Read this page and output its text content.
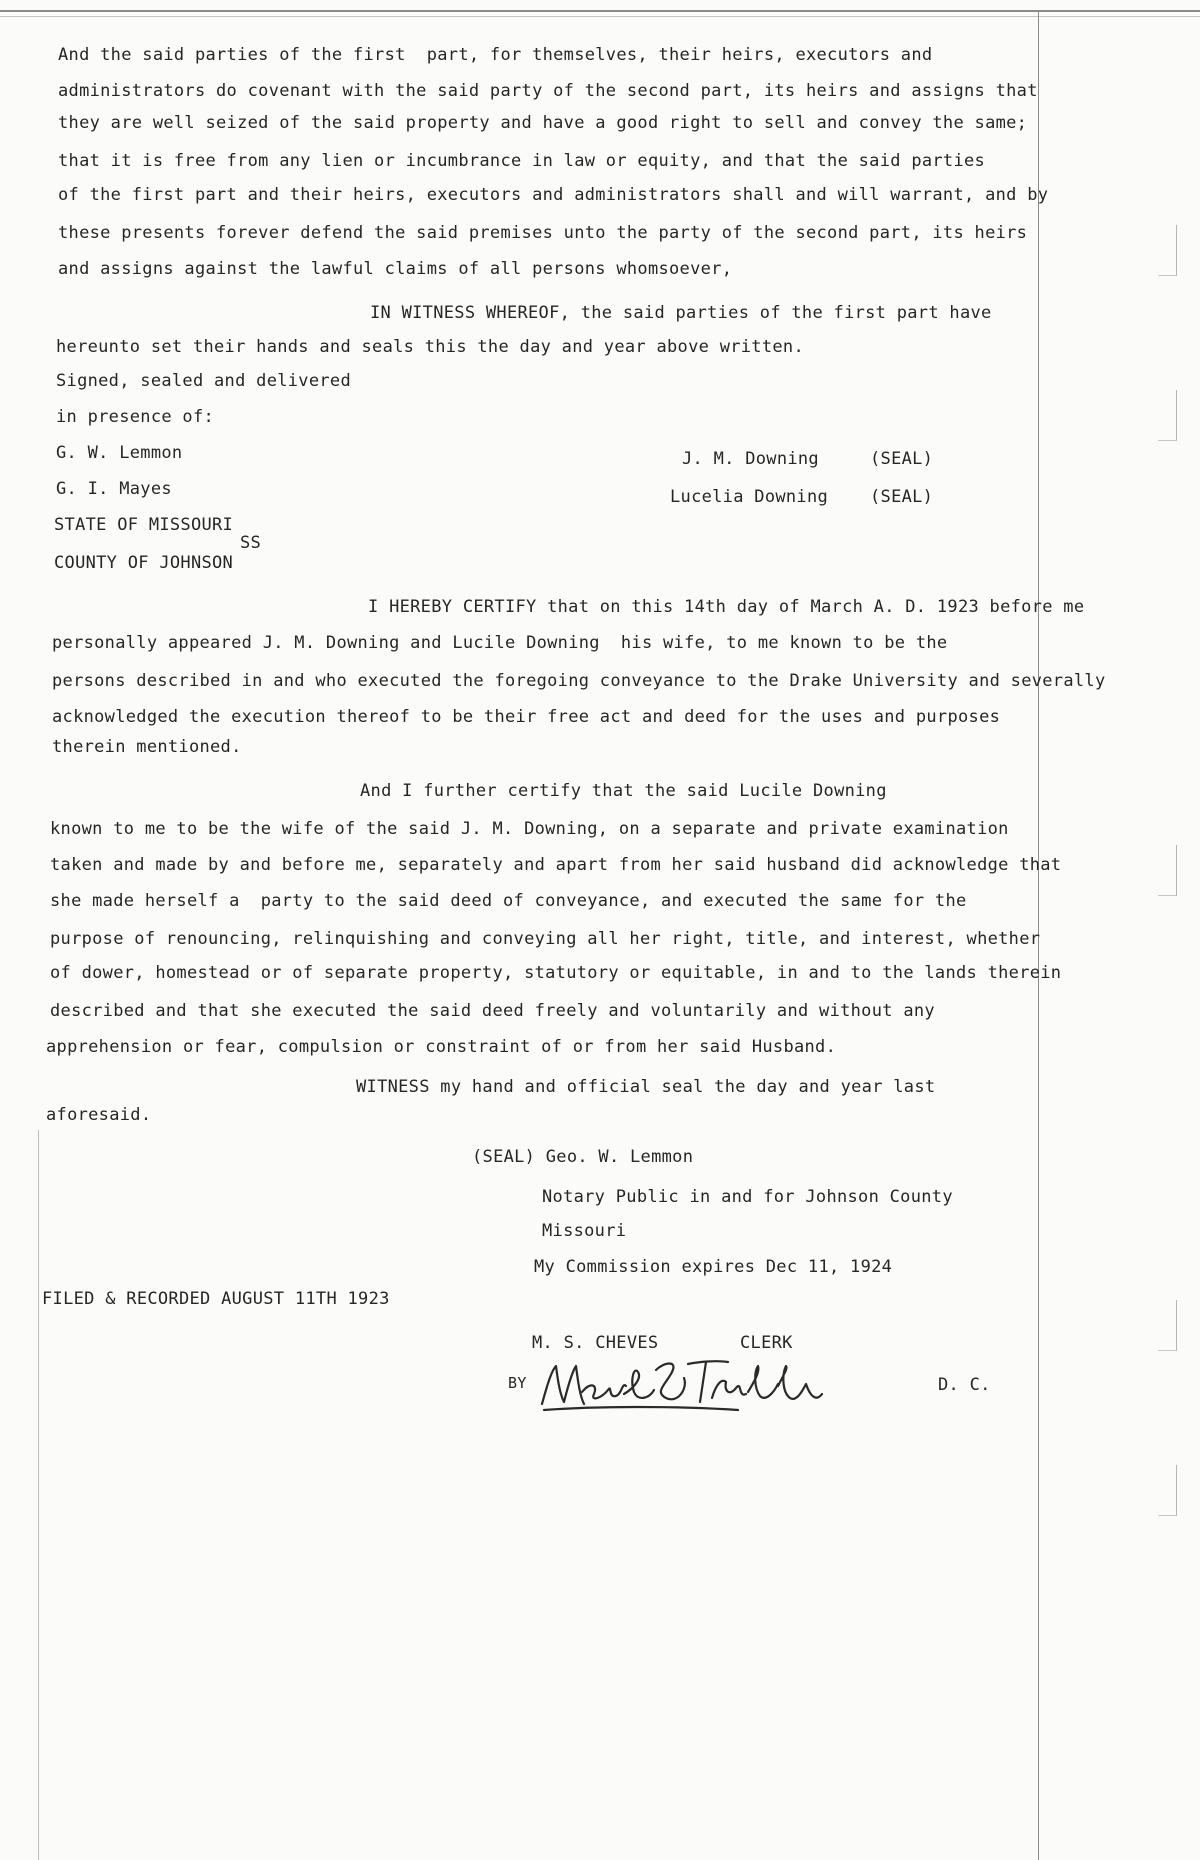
And the said parties of the first  part, for themselves, their heirs, executors and
administrators do covenant with the said party of the second part, its heirs and assigns that
they are well seized of the said property and have a good right to sell and convey the same;
that it is free from any lien or incumbrance in law or equity, and that the said parties
of the first part and their heirs, executors and administrators shall and will warrant, and by
these presents forever defend the said premises unto the party of the second part, its heirs
and assigns against the lawful claims of all persons whomsoever,
IN WITNESS WHEREOF, the said parties of the first part have
hereunto set their hands and seals this the day and year above written.
Signed, sealed and delivered
in presence of:
G. W. Lemmon	J. M. Downing	(SEAL)
G. I. Mayes	Lucelia Downing (SEAL)
STATE OF MISSOURI
SS
COUNTY OF JOHNSON
I HEREBY CERTIFY that on this 14th day of March A. D. 1923 before me
personally appeared J. M. Downing and Lucile Downing  his wife, to me known to be the
persons described in and who executed the foregoing conveyance to the Drake University and severally
acknowledged the execution thereof to be their free act and deed for the uses and purposes
therein mentioned.
And I further certify that the said Lucile Downing
known to me to be the wife of the said J. M. Downing, on a separate and private examination
taken and made by and before me, separately and apart from her said husband did acknowledge that
she made herself a  party to the said deed of conveyance, and executed the same for the
purpose of renouncing, relinquishing and conveying all her right, title, and interest, whether
of dower, homestead or of separate property, statutory or equitable, in and to the lands therein
described and that she executed the said deed freely and voluntarily and without any
apprehension or fear, compulsion or constraint of or from her said Husband.
WITNESS my hand and official seal the day and year last
aforesaid.
(SEAL) Geo. W. Lemmon
Notary Public in and for Johnson County
Missouri
My Commission expires Dec 11, 1924
FILED & RECORDED AUGUST 11TH 1923
M. S. CHEVES	CLERK
BY	D. C.
